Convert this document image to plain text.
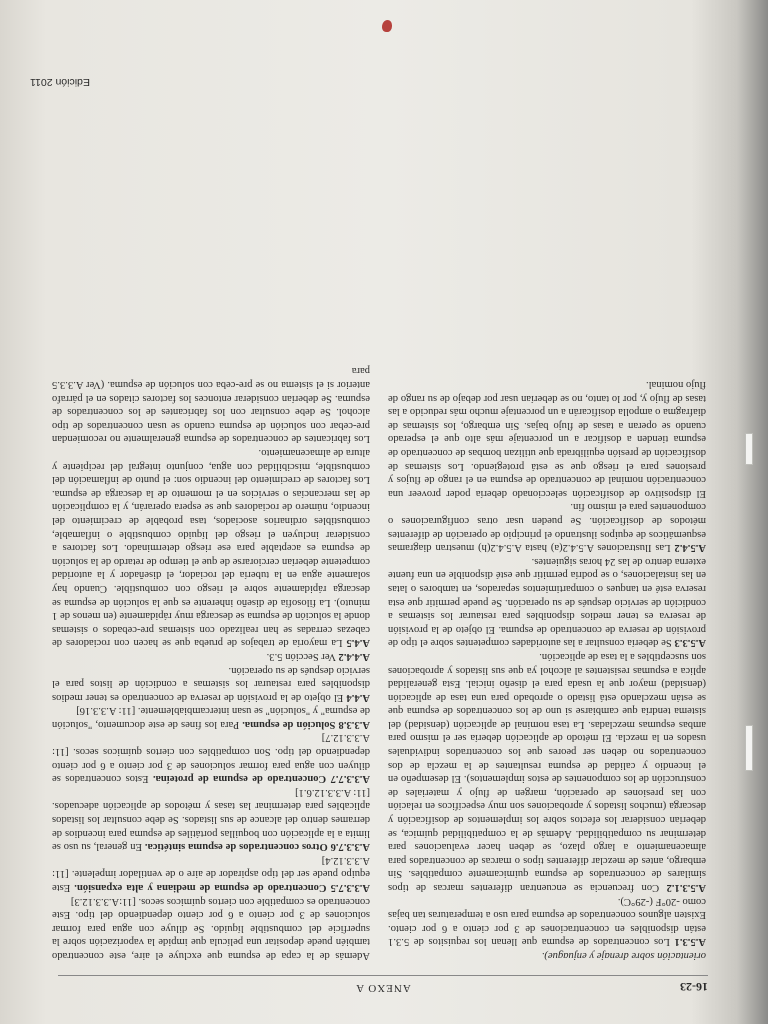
16-23
ANEXO A

orientación sobre drenaje y enjuague).

A.5.3.1 Los concentrados de espuma que llenan los requisitos de 5.3.1 están disponibles en concentraciones de 3 por ciento a 6 por ciento. Existen algunos concentrados de espuma para uso a temperaturas tan bajas como -20°F (-29°C).

A.5.3.1.2 Con frecuencia se encuentran diferentes marcas de tipos similares de concentrados de espuma químicamente compatibles. Sin embargo, antes de mezclar diferentes tipos o marcas de concentrados para almacenamiento a largo plazo, se deben hacer evaluaciones para determinar su compatibilidad. Además de la compatibilidad química, se deberían considerar los efectos sobre los implementos de dosificación y descarga (muchos listados y aprobaciones son muy específicos en relación con las presiones de operación, margen de flujo y materiales de construcción de los componentes de estos implementos). El desempeño en el incendio y calidad de espuma resultantes de la mezcla de dos concentrados no deben ser peores que los concentrados individuales usados en la mezcla. El método de aplicación debería ser el mismo para ambas espumas mezcladas. La tasa nominal de aplicación (densidad) del sistema tendría que cambiarse si uno de los concentrados de espuma que se están mezclando está listado o aprobado para una tasa de aplicación (densidad) mayor que la usada para el diseño inicial. Esta generalidad aplica a espumas resistentes al alcohol ya que sus listados y aprobaciones son susceptibles a la tasa de aplicación.

A.5.3.3 Se debería consultar a las autoridades competentes sobre el tipo de provisión de reserva de concentrado de espuma. El objeto de la provisión de reserva es tener medios disponibles para restaurar los sistemas a condición de servicio después de su operación. Se puede permitir que esta reserva esté en tanques o compartimientos separados, en tambores o latas en las instalaciones, o se podría permitir que esté disponible en una fuente externa dentro de las 24 horas siguientes.

A.5.4.2 Las Ilustraciones A.5.4.2(a) hasta A.5.4.2(h) muestran diagramas esquemáticos de equipos ilustrando el principio de operación de diferentes métodos de dosificación. Se pueden usar otras configuraciones o componentes para el mismo fin.

El dispositivo de dosificación seleccionado debería poder proveer una concentración nominal de concentrado de espuma en el rango de flujos y presiones para el riesgo que se está protegiendo. Los sistemas de dosificación de presión equilibrada que utilizan bombas de concentrado de espuma tienden a dosificar a un porcentaje más alto que el esperado cuando se operan a tasas de flujo bajas. Sin embargo, los sistemas de diafragma o ampolla dosificarán a un porcentaje mucho más reducido a las tasas de flujo y, por lo tanto, no se deberían usar por debajo de su rango de flujo nominal.

Además de la capa de espuma que excluye el aire, este concentrado también puede depositar una película que impide la vaporización sobre la superficie del combustible líquido. Se diluye con agua para formar soluciones de 3 por ciento a 6 por ciento dependiendo del tipo. Este concentrado es compatible con ciertos químicos secos. [11:A.3.3.12.3]

A.3.3.7.5 Concentrado de espuma de mediana y alta expansión. Este equipo puede ser del tipo aspirador de aire o de ventilador impelente. [11: A.3.3.12.4]

A.3.3.7.6 Otros concentrados de espuma sintética. En general, su uso se limita a la aplicación con boquillas portátiles de espuma para incendios de derrames dentro del alcance de sus listados. Se debe consultar los listados aplicables para determinar las tasas y métodos de aplicación adecuados. [11: A.3.3.12.6.1]

A.3.3.7.7 Concentrado de espuma de proteína. Estos concentrados se diluyen con agua para formar soluciones de 3 por ciento a 6 por ciento dependiendo del tipo. Son compatibles con ciertos químicos secos. [11: A.3.3.12.7]

A.3.3.8 Solución de espuma. Para los fines de este documento, "solución de espuma" y "solución" se usan intercambiablemente. [11: A.3.3.16]

A.4.4 El objeto de la provisión de reserva de concentrado es tener medios disponibles para restaurar los sistemas a condición de listos para el servicio después de su operación.

A.4.4.2 Ver Sección 5.3.

A.4.5 La mayoría de trabajos de prueba que se hacen con rociadores de cabezas cerradas se han realizado con sistemas pre-cebados o sistemas donde la solución de espuma se descarga muy rápidamente (en menos de 1 minuto). La filosofía de diseño inherente es que la solución de espuma se descarga rápidamente sobre el riesgo con combustible. Cuando hay solamente agua en la tubería del rociador, el diseñador y la autoridad competente deberían cerciorarse de que el tiempo de retardo de la solución de espuma es aceptable para ese riesgo determinado. Los factores a considerar incluyen el riesgo del líquido combustible o inflamable, combustibles ordinarios asociados, tasa probable de crecimiento del incendio, número de rociadores que se espera operarán, y la complicación de las mercancías o servicios en el momento de la descarga de espuma. Los factores de crecimiento del incendio son: el punto de inflamación del combustible, miscibilidad con agua, conjunto integral del recipiente y altura de almacenamiento.

Los fabricantes de concentrados de espuma generalmente no recomiendan pre-cebar con solución de espuma cuando se usan concentrados de tipo alcohol. Se debe consultar con los fabricantes de los concentrados de espuma. Se deberían considerar entonces los factores citados en el párrafo anterior si el sistema no se pre-ceba con solución de espuma. (Ver A.3.3.5 para

Edición 2011
